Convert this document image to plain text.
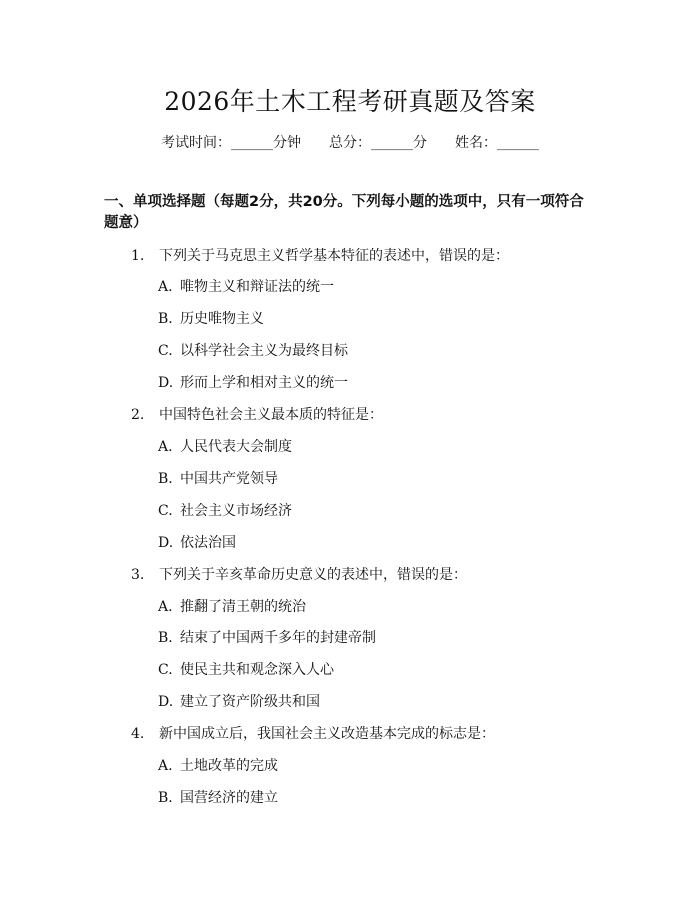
2026年土木工程考研真题及答案
考试时间：______分钟 总分：______分 姓名：______
一、单项选择题（每题2分，共20分。下列每小题的选项中，只有一项符合题意）
1. 下列关于马克思主义哲学基本特征的表述中，错误的是：
A. 唯物主义和辩证法的统一
B. 历史唯物主义
C. 以科学社会主义为最终目标
D. 形而上学和相对主义的统一
2. 中国特色社会主义最本质的特征是：
A. 人民代表大会制度
B. 中国共产党领导
C. 社会主义市场经济
D. 依法治国
3. 下列关于辛亥革命历史意义的表述中，错误的是：
A. 推翻了清王朝的统治
B. 结束了中国两千多年的封建帝制
C. 使民主共和观念深入人心
D. 建立了资产阶级共和国
4. 新中国成立后，我国社会主义改造基本完成的标志是：
A. 土地改革的完成
B. 国营经济的建立
